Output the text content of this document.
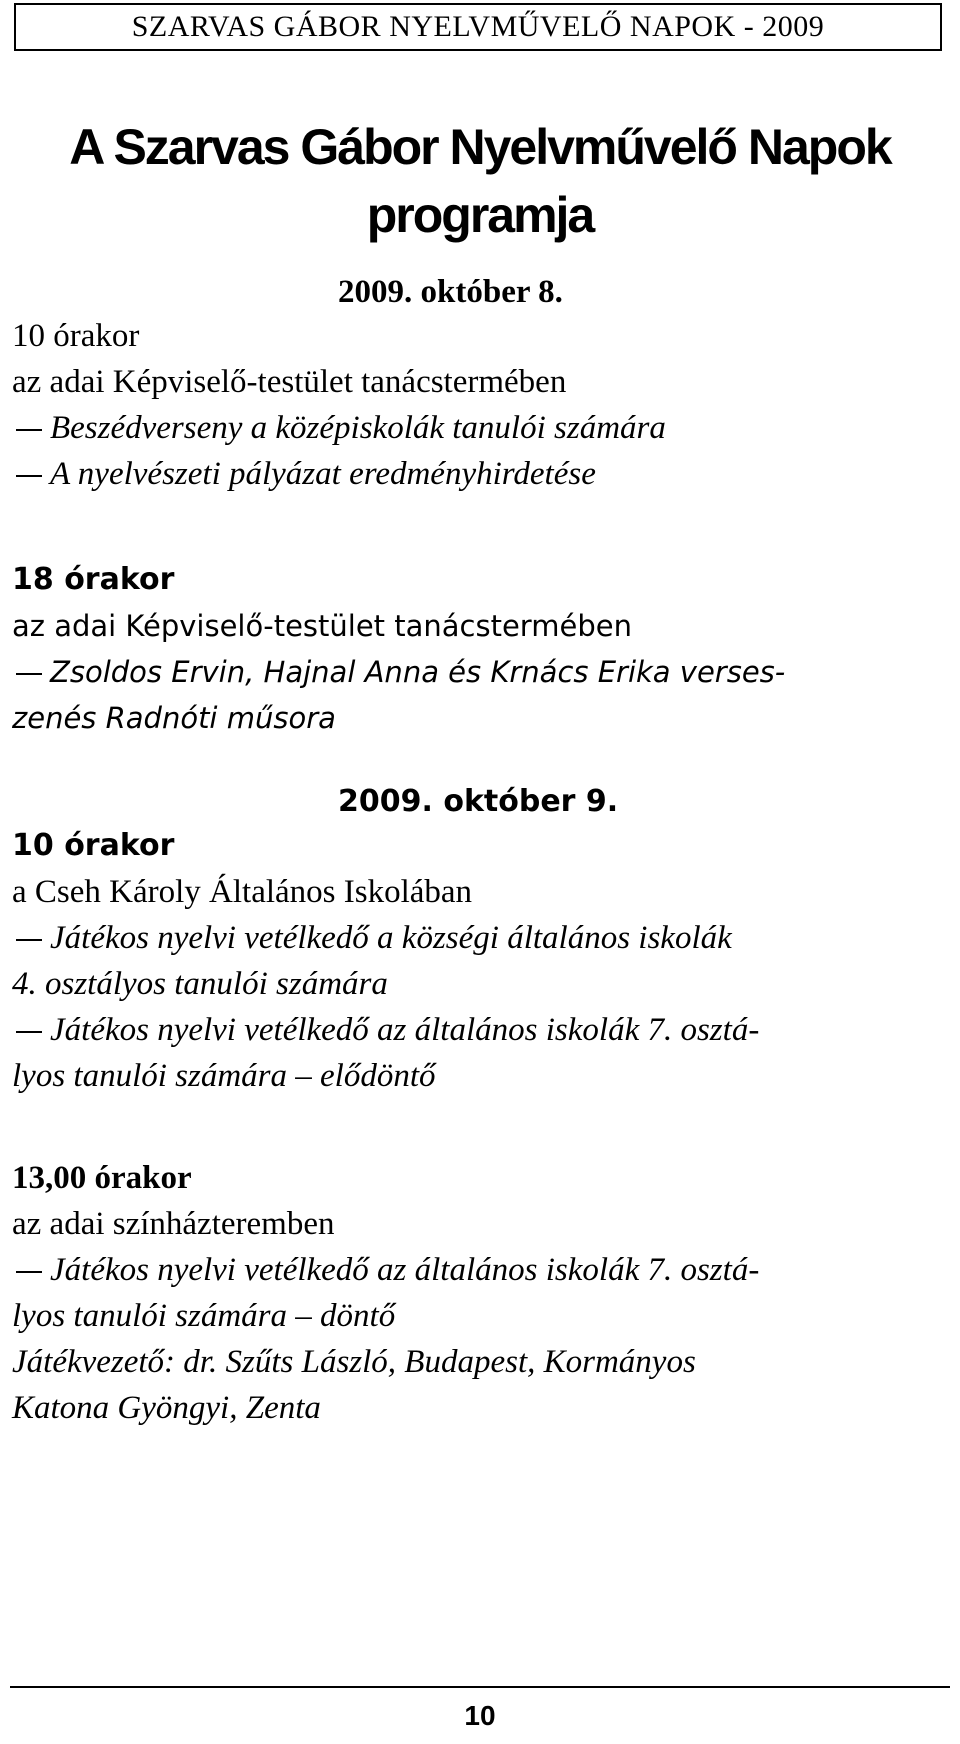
SZARVAS GÁBOR NYELVMŰVELŐ NAPOK - 2009
A Szarvas Gábor Nyelvművelő Napok
programja
2009. október 8.
10 órakor
az adai Képviselő-testület tanácstermében
Beszédverseny a középiskolák tanulói számára
A nyelvészeti pályázat eredményhirdetése
18 órakor
az adai Képviselő-testület tanácstermében
Zsoldos Ervin, Hajnal Anna és Krnács Erika verses-
zenés Radnóti műsora
2009. október 9.
10 órakor
a Cseh Károly Általános Iskolában
Játékos nyelvi vetélkedő a községi általános iskolák
4. osztályos tanulói számára
Játékos nyelvi vetélkedő az általános iskolák 7. osztá-
lyos tanulói számára – elődöntő
13,00 órakor
az adai színházteremben
Játékos nyelvi vetélkedő az általános iskolák 7. osztá-
lyos tanulói számára – döntő
Játékvezető: dr. Szűts László, Budapest, Kormányos
Katona Gyöngyi, Zenta
10
